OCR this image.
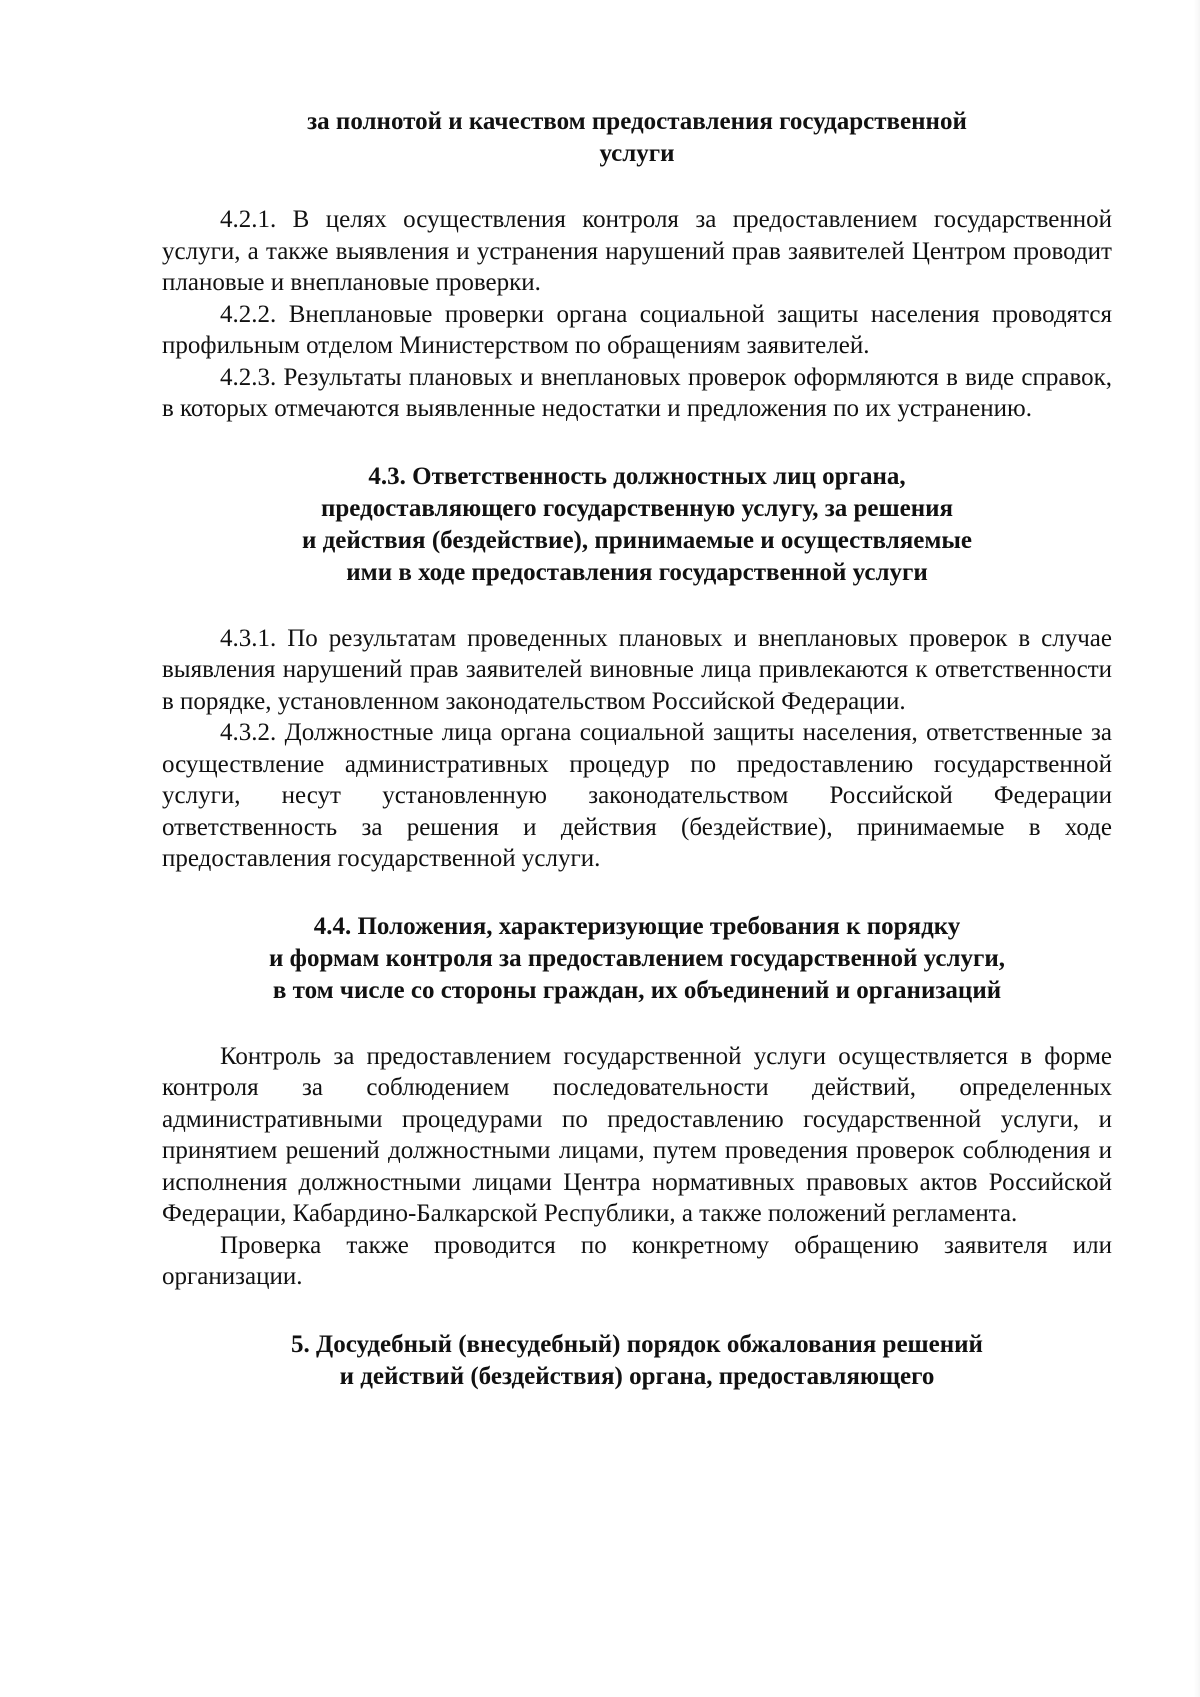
за полнотой и качеством предоставления государственной
услуги

4.2.1. В целях осуществления контроля за предоставлением государственной услуги, а также выявления и устранения нарушений прав заявителей Центром проводит плановые и внеплановые проверки.

4.2.2. Внеплановые проверки органа социальной защиты населения проводятся профильным отделом Министерством по обращениям заявителей.

4.2.3. Результаты плановых и внеплановых проверок оформляются в виде справок, в которых отмечаются выявленные недостатки и предложения по их устранению.

4.3. Ответственность должностных лиц органа,
предоставляющего государственную услугу, за решения
и действия (бездействие), принимаемые и осуществляемые
ими в ходе предоставления государственной услуги

4.3.1. По результатам проведенных плановых и внеплановых проверок в случае выявления нарушений прав заявителей виновные лица привлекаются к ответственности в порядке, установленном законодательством Российской Федерации.

4.3.2. Должностные лица органа социальной защиты населения, ответственные за осуществление административных процедур по предоставлению государственной услуги, несут установленную законодательством Российской Федерации ответственность за решения и действия (бездействие), принимаемые в ходе предоставления государственной услуги.

4.4. Положения, характеризующие требования к порядку
и формам контроля за предоставлением государственной услуги,
в том числе со стороны граждан, их объединений и организаций

Контроль за предоставлением государственной услуги осуществляется в форме контроля за соблюдением последовательности действий, определенных административными процедурами по предоставлению государственной услуги, и принятием решений должностными лицами, путем проведения проверок соблюдения и исполнения должностными лицами Центра нормативных правовых актов Российской Федерации, Кабардино-Балкарской Республики, а также положений регламента.

Проверка также проводится по конкретному обращению заявителя или организации.

5. Досудебный (внесудебный) порядок обжалования решений
и действий (бездействия) органа, предоставляющего
